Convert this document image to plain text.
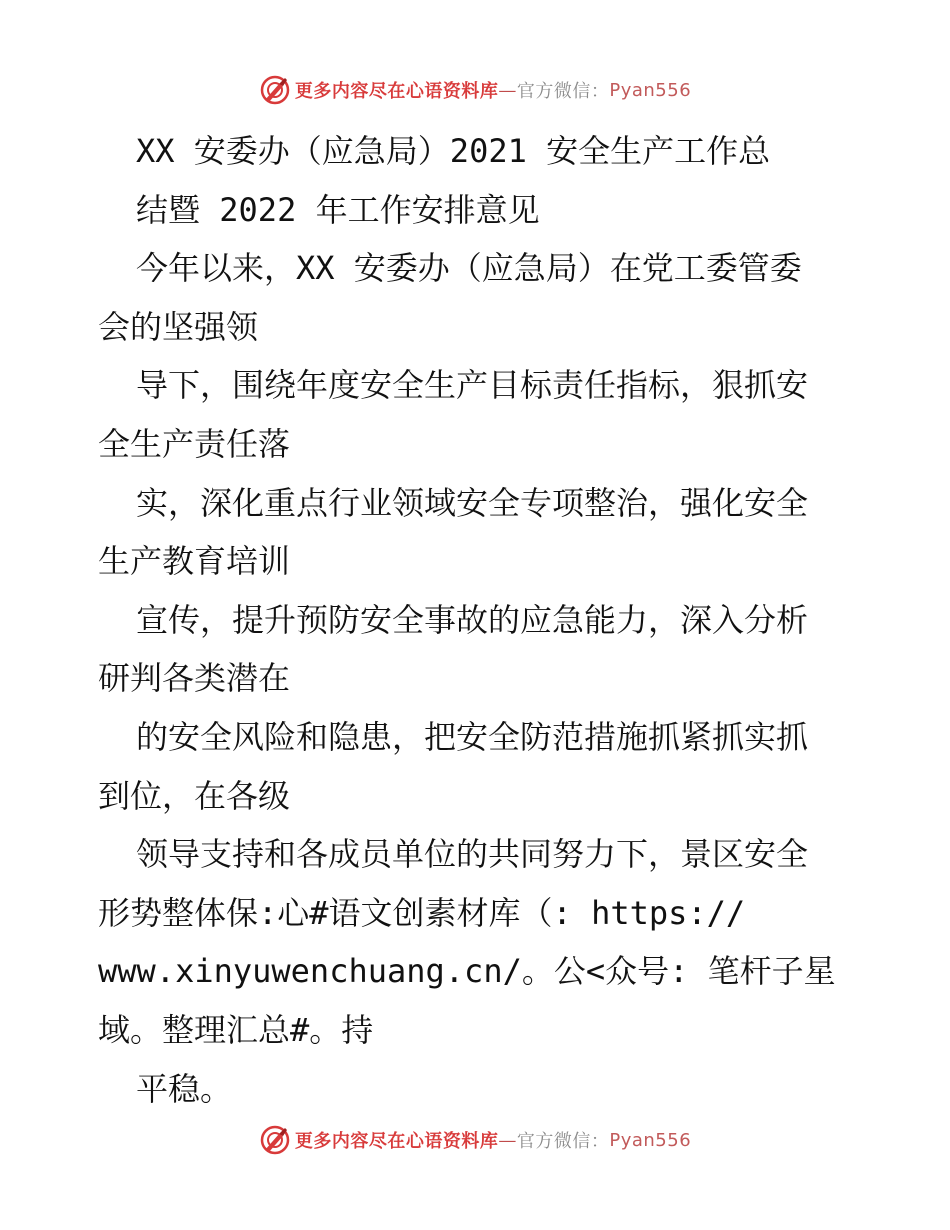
更多内容尽在心语资料库 — 官方微信： Pyan556
XX 安委办（应急局）2021 安全生产工作总
结暨 2022 年工作安排意见
今年以来，XX 安委办（应急局）在党工委管委
会的坚强领
导下，围绕年度安全生产目标责任指标，狠抓安
全生产责任落
实，深化重点行业领域安全专项整治，强化安全
生产教育培训
宣传，提升预防安全事故的应急能力，深入分析
研判各类潜在
的安全风险和隐患，把安全防范措施抓紧抓实抓
到位，在各级
领导支持和各成员单位的共同努力下，景区安全
形势整体保:心#语文创素材库（: https://
www.xinyuwenchuang.cn/。公<众号: 笔杆子星
域。整理汇总#。持
平稳。
更多内容尽在心语资料库 — 官方微信： Pyan556
